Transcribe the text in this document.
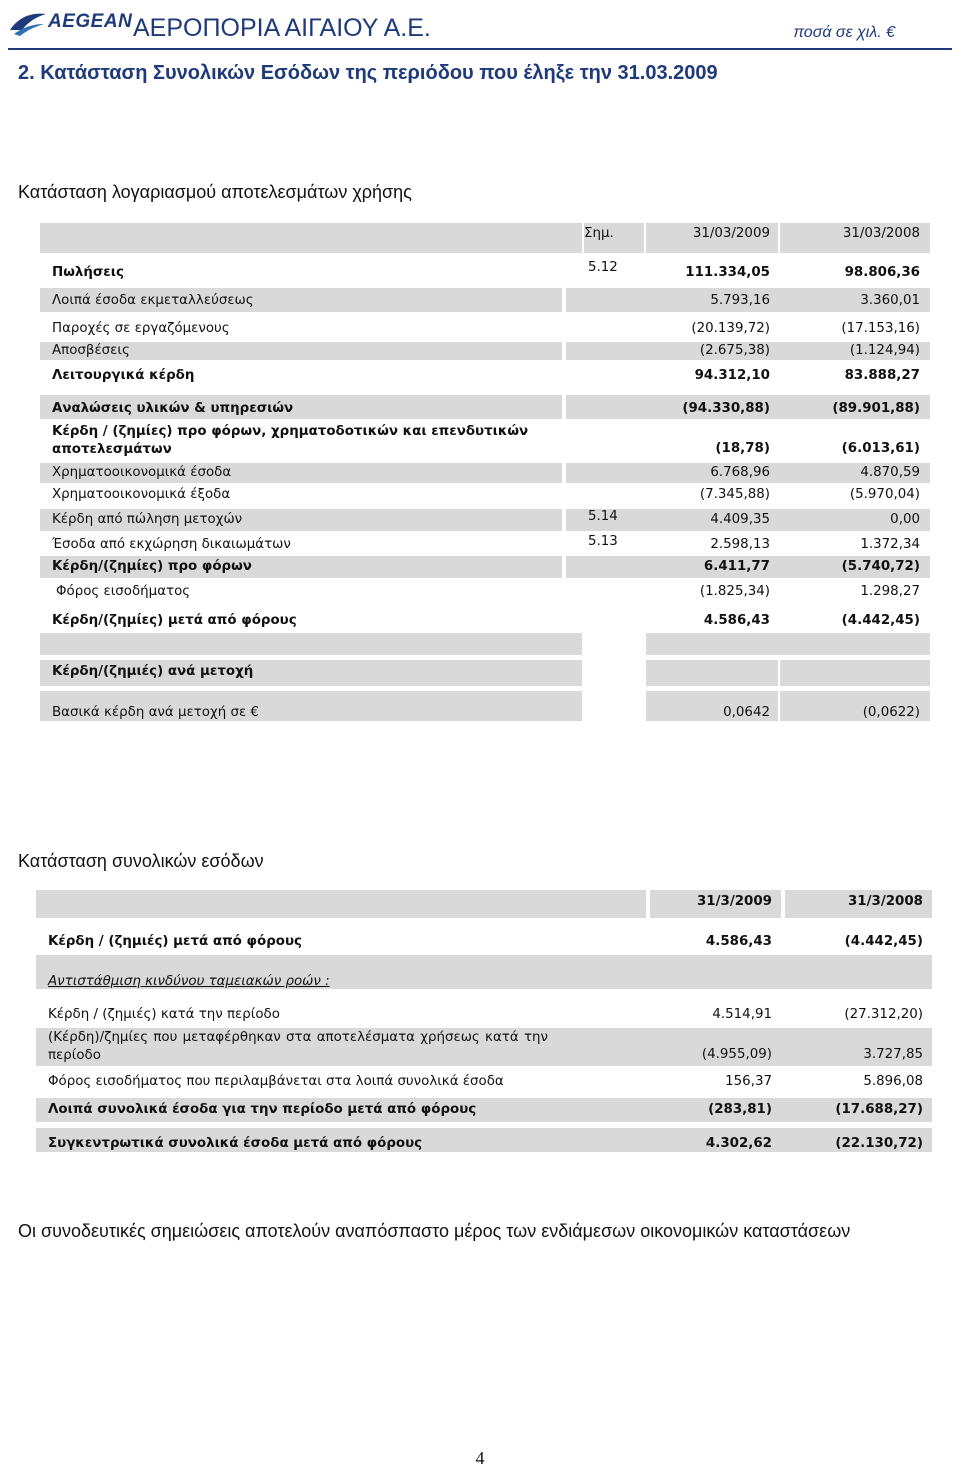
AEGEAN ΑΕΡΟΠΟΡΙΑ ΑΙΓΑΙΟΥ Α.Ε.	ποσά σε χιλ. €
2. Κατάσταση Συνολικών Εσόδων της περιόδου που έληξε την 31.03.2009
Κατάσταση λογαριασμού αποτελεσμάτων χρήσης
Σημ.	31/03/2009	31/03/2008
Πωλήσεις	5.12	111.334,05	98.806,36
Λοιπά έσοδα εκμεταλλεύσεως	5.793,16	3.360,01
Παροχές σε εργαζόμενους	(20.139,72)	(17.153,16)
Αποσβέσεις	(2.675,38)	(1.124,94)
Λειτουργικά κέρδη	94.312,10	83.888,27
Αναλώσεις υλικών & υπηρεσιών	(94.330,88)	(89.901,88)
Κέρδη / (ζημίες) προ φόρων, χρηματοδοτικών και επενδυτικών αποτελεσμάτων	(18,78)	(6.013,61)
Χρηματοοικονομικά έσοδα	6.768,96	4.870,59
Χρηματοοικονομικά έξοδα	(7.345,88)	(5.970,04)
Κέρδη από πώληση μετοχών	5.14	4.409,35	0,00
Έσοδα από εκχώρηση δικαιωμάτων	5.13	2.598,13	1.372,34
Κέρδη/(ζημίες) προ φόρων	6.411,77	(5.740,72)
Φόρος εισοδήματος	(1.825,34)	1.298,27
Κέρδη/(ζημίες) μετά από φόρους	4.586,43	(4.442,45)
Κέρδη/(ζημιές) ανά μετοχή
Βασικά κέρδη ανά μετοχή σε €	0,0642	(0,0622)
Κατάσταση συνολικών εσόδων
31/3/2009	31/3/2008
Κέρδη / (ζημιές) μετά από φόρους	4.586,43	(4.442,45)
Αντιστάθμιση κινδύνου ταμειακών ροών :
Κέρδη / (ζημιές) κατά την περίοδο	4.514,91	(27.312,20)
(Κέρδη)/ζημίες που μεταφέρθηκαν στα αποτελέσματα χρήσεως κατά την περίοδο	(4.955,09)	3.727,85
Φόρος εισοδήματος που περιλαμβάνεται στα λοιπά συνολικά έσοδα	156,37	5.896,08
Λοιπά συνολικά έσοδα για την περίοδο μετά από φόρους	(283,81)	(17.688,27)
Συγκεντρωτικά συνολικά έσοδα μετά από φόρους	4.302,62	(22.130,72)
Οι συνοδευτικές σημειώσεις αποτελούν αναπόσπαστο μέρος των ενδιάμεσων οικονομικών καταστάσεων
4
